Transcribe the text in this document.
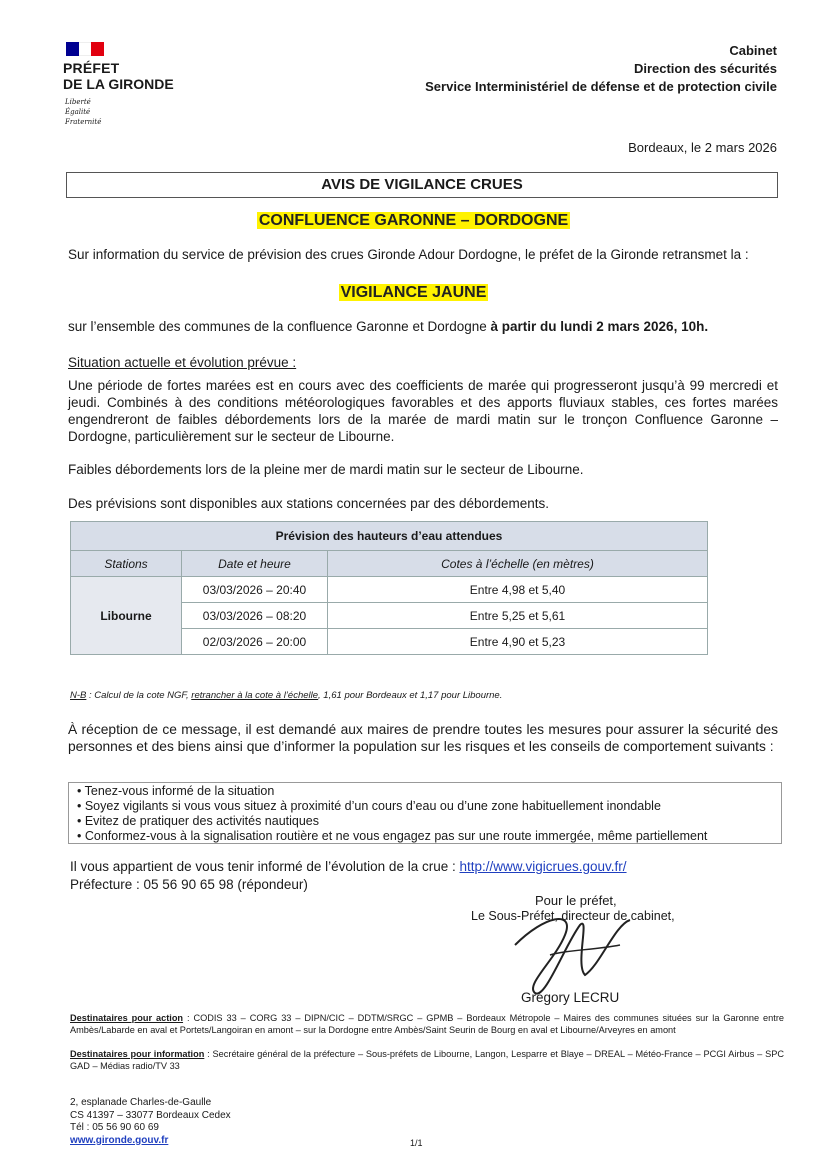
PRÉFET
DE LA GIRONDE
Liberté
Égalité
Fraternité
Cabinet
Direction des sécurités
Service Interministériel de défense et de protection civile
Bordeaux, le 2 mars 2026
AVIS DE VIGILANCE CRUES
CONFLUENCE GARONNE – DORDOGNE
Sur information du service de prévision des crues Gironde Adour Dordogne, le préfet de la Gironde retransmet la :
VIGILANCE JAUNE
sur l’ensemble des communes de la confluence Garonne et Dordogne à partir du lundi 2 mars 2026, 10h.
Situation actuelle et évolution prévue :
Une période de fortes marées est en cours avec des coefficients de marée qui progresseront jusqu’à 99 mercredi et jeudi. Combinés à des conditions météorologiques favorables et des apports fluviaux stables, ces fortes marées engendreront de faibles débordements lors de la marée de mardi matin sur le tronçon Confluence Garonne – Dordogne, particulièrement sur le secteur de Libourne.
Faibles débordements lors de la pleine mer de mardi matin sur le secteur de Libourne.
Des prévisions sont disponibles aux stations concernées par des débordements.
Prévision des hauteurs d’eau attendues		
Stations	Date et heure	Cotes à l’échelle (en mètres)
Libourne	03/03/2026 – 20:40	Entre 4,98 et 5,40
	03/03/2026 – 08:20	Entre 5,25 et 5,61
	02/03/2026 – 20:00	Entre 4,90 et 5,23
N-B : Calcul de la cote NGF, retrancher à la cote à l’échelle, 1,61 pour Bordeaux et 1,17 pour Libourne.
À réception de ce message, il est demandé aux maires de prendre toutes les mesures pour assurer la sécurité des personnes et des biens ainsi que d’informer la population sur les risques et les conseils de comportement suivants :
• Tenez-vous informé de la situation
• Soyez vigilants si vous vous situez à proximité d’un cours d’eau ou d’une zone habituellement inondable
• Evitez de pratiquer des activités nautiques
• Conformez-vous à la signalisation routière et ne vous engagez pas sur une route immergée, même partiellement
Il vous appartient de vous tenir informé de l’évolution de la crue : http://www.vigicrues.gouv.fr/
Préfecture : 05 56 90 65 98 (répondeur)
Pour le préfet,
Le Sous-Préfet, directeur de cabinet,
Grégory LECRU
Destinataires pour action : CODIS 33 – CORG 33 – DIPN/CIC – DDTM/SRGC – GPMB – Bordeaux Métropole – Maires des communes situées sur la Garonne entre Ambès/Labarde en aval et Portets/Langoiran en amont – sur la Dordogne entre Ambès/Saint Seurin de Bourg en aval et Libourne/Arveyres en amont
Destinataires pour information : Secrétaire général de la préfecture – Sous-préfets de Libourne, Langon, Lesparre et Blaye – DREAL – Météo-France – PCGI Airbus – SPC GAD – Médias radio/TV 33
2, esplanade Charles-de-Gaulle
CS 41397 – 33077 Bordeaux Cedex
Tél : 05 56 90 60 69
www.gironde.gouv.fr	1/1
